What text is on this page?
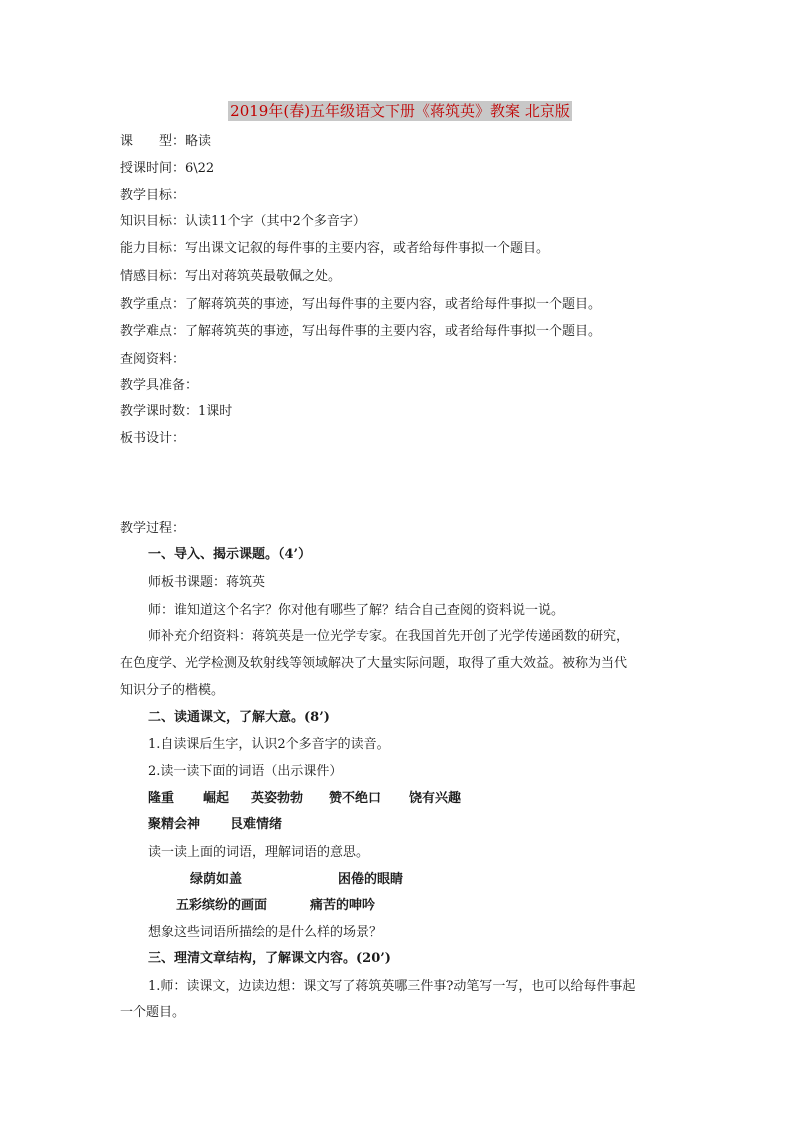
2019年(春)五年级语文下册《蒋筑英》教案 北京版
课　　型：略读
授课时间：6\22
教学目标：
知识目标：认读11个字（其中2个多音字）
能力目标：写出课文记叙的每件事的主要内容，或者给每件事拟一个题目。
情感目标：写出对蒋筑英最敬佩之处。
教学重点：了解蒋筑英的事迹，写出每件事的主要内容，或者给每件事拟一个题目。
教学难点：了解蒋筑英的事迹，写出每件事的主要内容，或者给每件事拟一个题目。
查阅资料：
教学具准备：
教学课时数：1课时
板书设计：
教学过程：
一、导入、揭示课题。（4’）
师板书课题：蒋筑英
师：谁知道这个名字？你对他有哪些了解？结合自己查阅的资料说一说。
师补充介绍资料：蒋筑英是一位光学专家。在我国首先开创了光学传递函数的研究，
在色度学、光学检测及软射线等领域解决了大量实际问题，取得了重大效益。被称为当代
知识分子的楷模。
二、读通课文，了解大意。(8’)
1.自读课后生字，认识2个多音字的读音。
2.读一读下面的词语（出示课件）
隆重 崛起 英姿勃勃 赞不绝口 饶有兴趣
聚精会神 艮难情绪
读一读上面的词语，理解词语的意思。
绿荫如盖	困倦的眼睛
五彩缤纷的画面	痛苦的呻吟
想象这些词语所描绘的是什么样的场景？
三、理清文章结构，了解课文内容。(20’)
1.师：读课文，边读边想：课文写了蒋筑英哪三件事?动笔写一写，也可以给每件事起
一个题目。
